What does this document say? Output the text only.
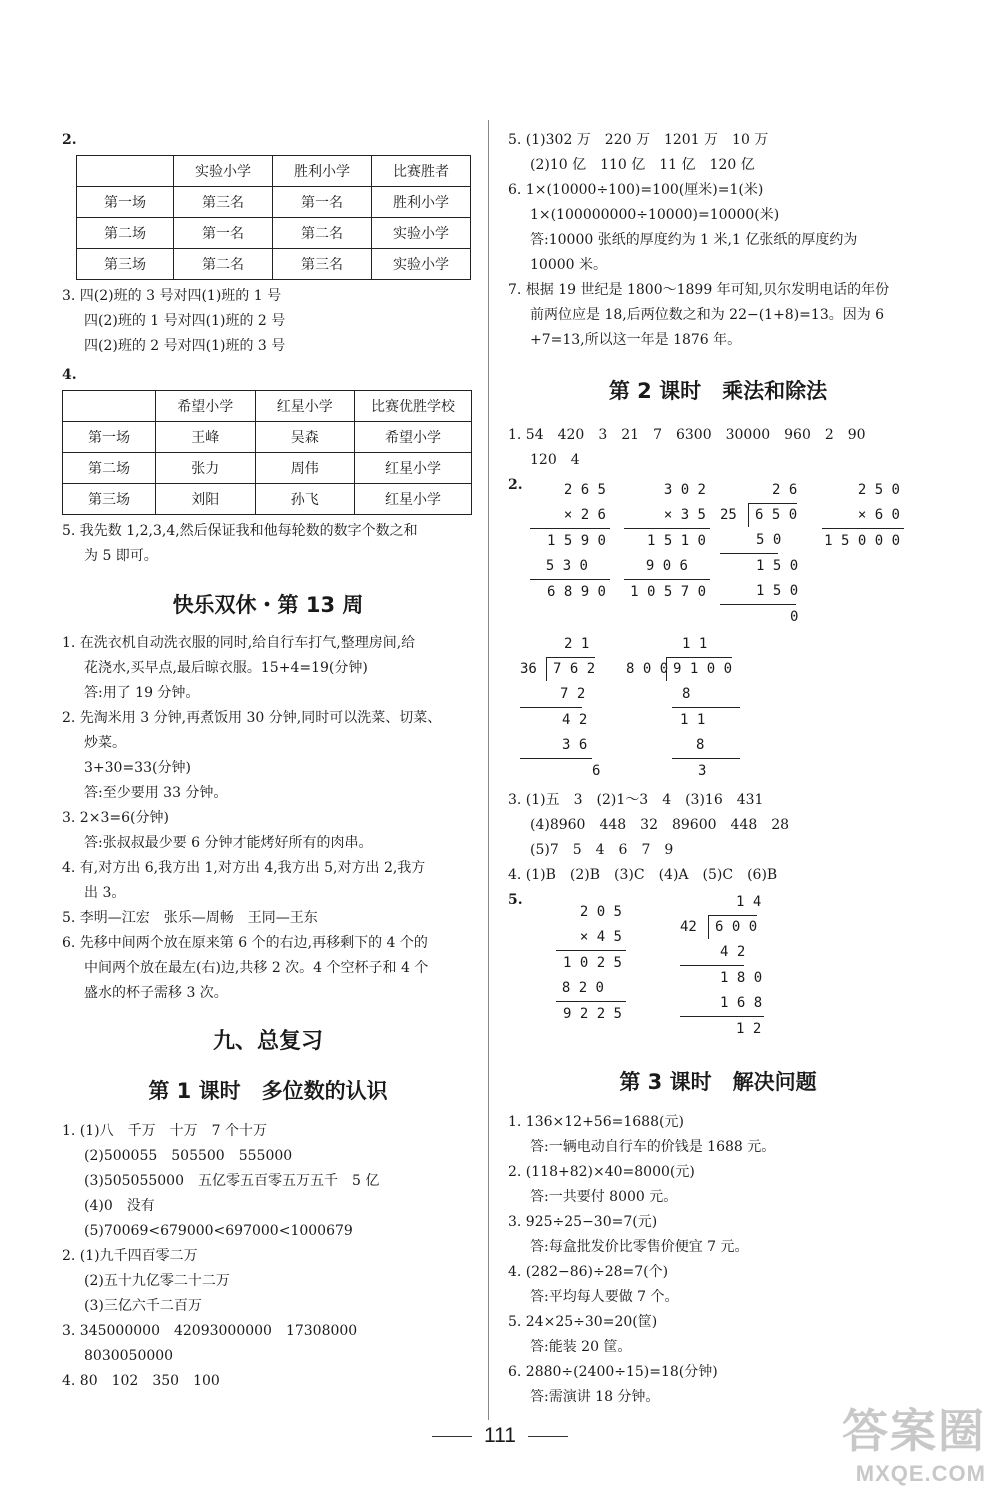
2.
	实验小学	胜利小学	比赛胜者
第一场	第三名	第一名	胜利小学
第二场	第一名	第二名	实验小学
第三场	第二名	第三名	实验小学
3. 四(2)班的 3 号对四(1)班的 1 号
四(2)班的 1 号对四(1)班的 2 号
四(2)班的 2 号对四(1)班的 3 号
4.
	希望小学	红星小学	比赛优胜学校
第一场	王峰	吴森	希望小学
第二场	张力	周伟	红星小学
第三场	刘阳	孙飞	红星小学
5. 我先数 1,2,3,4,然后保证我和他每轮数的数字个数之和
为 5 即可。
快乐双休・第 13 周
1. 在洗衣机自动洗衣服的同时,给自行车打气,整理房间,给
花浇水,买早点,最后晾衣服。15+4=19(分钟)
答:用了 19 分钟。
2. 先淘米用 3 分钟,再煮饭用 30 分钟,同时可以洗菜、切菜、
炒菜。
3+30=33(分钟)
答:至少要用 33 分钟。
3. 2×3=6(分钟)
答:张叔叔最少要 6 分钟才能烤好所有的肉串。
4. 有,对方出 6,我方出 1,对方出 4,我方出 5,对方出 2,我方
出 3。
5. 李明—江宏　张乐—周畅　王同—王东
6. 先移中间两个放在原来第 6 个的右边,再移剩下的 4 个的
中间两个放在最左(右)边,共移 2 次。4 个空杯子和 4 个
盛水的杯子需移 3 次。
九、总复习
第 1 课时　多位数的认识
1. (1)八　千万　十万　7 个十万
(2)500055　505500　555000
(3)505055000　五亿零五百零五万五千　5 亿
(4)0　没有
(5)70069<679000<697000<1000679
2. (1)九千四百零二万
(2)五十九亿零二十二万
(3)三亿六千二百万
3. 345000000　42093000000　17308000
8030050000
4. 80　102　350　100
5. (1)302 万　220 万　1201 万　10 万
(2)10 亿　110 亿　11 亿　120 亿
6. 1×(10000÷100)=100(厘米)=1(米)
1×(100000000÷10000)=10000(米)
答:10000 张纸的厚度约为 1 米,1 亿张纸的厚度约为
10000 米。
7. 根据 19 世纪是 1800～1899 年可知,贝尔发明电话的年份
前两位应是 18,后两位数之和为 22−(1+8)=13。因为 6
+7=13,所以这一年是 1876 年。
第 2 课时　乘法和除法
1. 54　420　3　21　7　6300　30000　960　2　90
120　4
2.	2 6 5
× 2 6
1 5 9 0
5 3 0
6 8 9 0
3 0 2
× 3 5
1 5 1 0
9 0 6
1 0 5 7 0
2 6
25	6 5 0
5 0
1 5 0
1 5 0
0
2 5 0
× 6 0
1 5 0 0 0
2 1
36	7 6 2
7 2
4 2
3 6
6
1 1
8 0 0 9 1 0 0
8
1 1
8
3
3. (1)五　3　(2)1～3　4　(3)16　431
(4)8960　448　32　89600　448　28
(5)7　5　4　6　7　9
4. (1)B　(2)B　(3)C　(4)A　(5)C　(6)B
5.
2 0 5
× 4 5
1 0 2 5
8 2 0
9 2 2 5
1 4
42	6 0 0
4 2
1 8 0
1 6 8
1 2
第 3 课时　解决问题
1. 136×12+56=1688(元)
答:一辆电动自行车的价钱是 1688 元。
2. (118+82)×40=8000(元)
答:一共要付 8000 元。
3. 925÷25−30=7(元)
答:每盒批发价比零售价便宜 7 元。
4. (282−86)÷28=7(个)
答:平均每人要做 7 个。
5. 24×25÷30=20(筐)
答:能装 20 筐。
6. 2880÷(2400÷15)=18(分钟)
答:需演讲 18 分钟。
111	答案圈
MXQE.COM
